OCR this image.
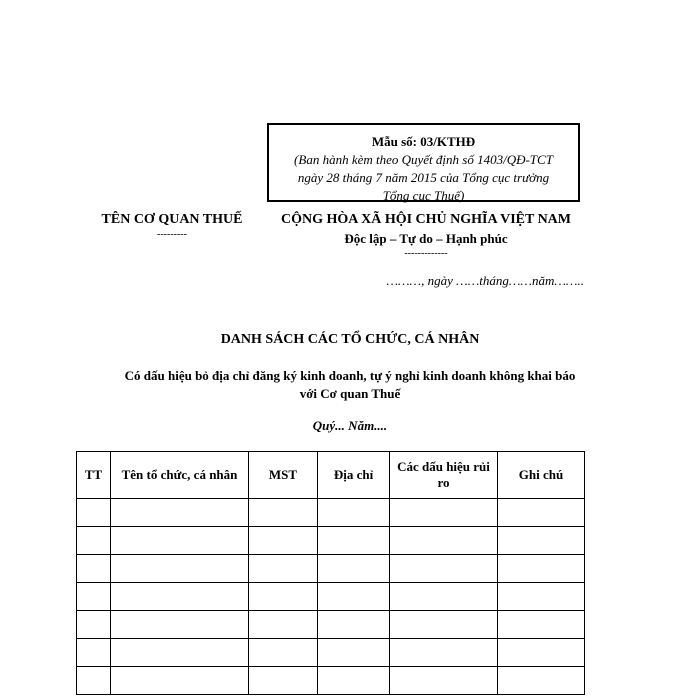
Mẫu số: 03/KTHĐ
(Ban hành kèm theo Quyết định số 1403/QĐ-TCT
ngày 28 tháng 7 năm 2015 của Tổng cục trưởng
Tổng cục Thuế)
TÊN CƠ QUAN THUẾ
---------
CỘNG HÒA XÃ HỘI CHỦ NGHĨA VIỆT NAM
Độc lập – Tự do – Hạnh phúc
-------------
………, ngày ……tháng……năm……..
DANH SÁCH CÁC TỔ CHỨC, CÁ NHÂN
Có dấu hiệu bỏ địa chỉ đăng ký kinh doanh, tự ý nghỉ kinh doanh không khai báo
với Cơ quan Thuế
Quý... Năm....
TT	Tên tổ chức, cá nhân	MST	Địa chỉ	Các dấu hiệu rủi ro	Ghi chú
